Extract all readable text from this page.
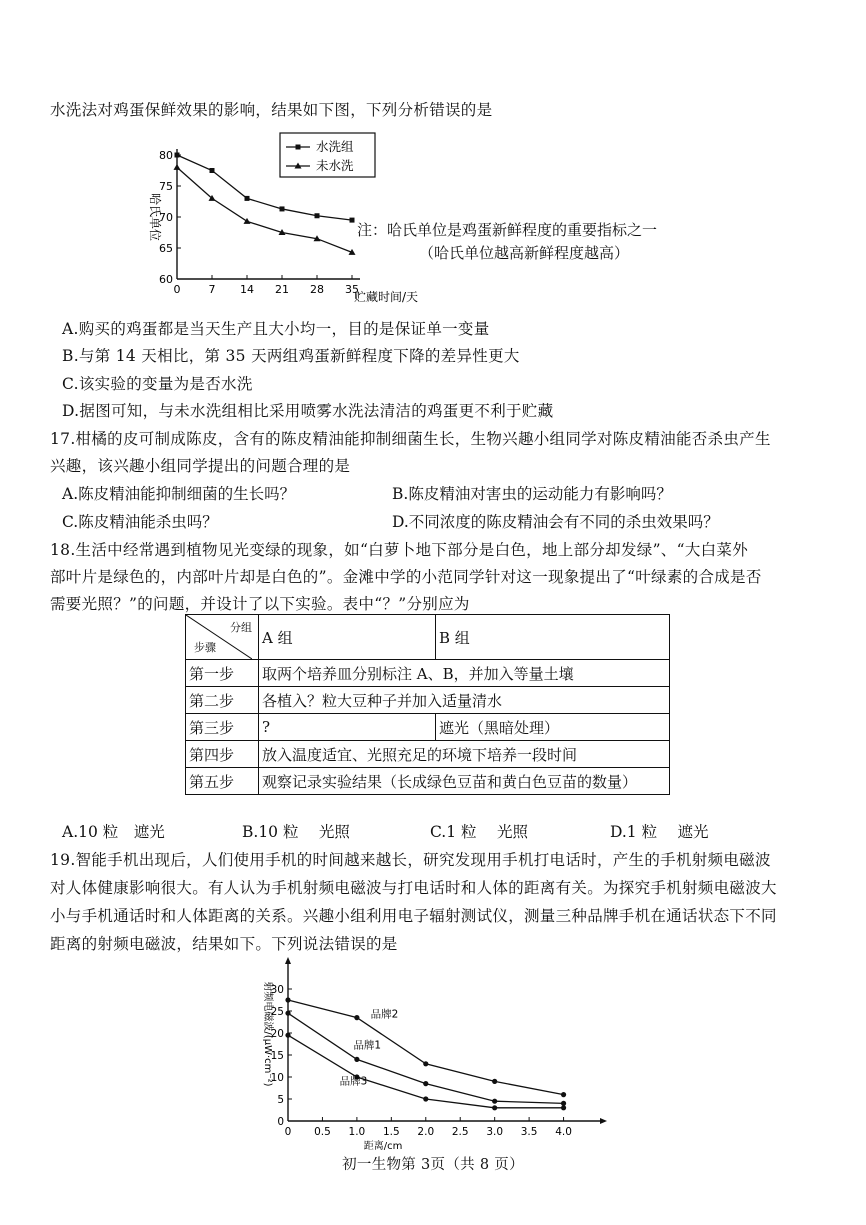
水洗法对鸡蛋保鲜效果的影响，结果如下图，下列分析错误的是
60
65
70
75
80
0	7 14 21 28 35
贮藏时间/天
哈氏单位
水洗组
未水洗
注：哈氏单位是鸡蛋新鲜程度的重要指标之一
（哈氏单位越高新鲜程度越高）
A.购买的鸡蛋都是当天生产且大小均一，目的是保证单一变量
B.与第 14 天相比，第 35 天两组鸡蛋新鲜程度下降的差异性更大
C.该实验的变量为是否水洗
D.据图可知，与未水洗组相比采用喷雾水洗法清洁的鸡蛋更不利于贮藏
17.柑橘的皮可制成陈皮，含有的陈皮精油能抑制细菌生长，生物兴趣小组同学对陈皮精油能否杀虫产生
兴趣，该兴趣小组同学提出的问题合理的是
A.陈皮精油能抑制细菌的生长吗？	B.陈皮精油对害虫的运动能力有影响吗？
C.陈皮精油能杀虫吗？	D.不同浓度的陈皮精油会有不同的杀虫效果吗？
18.生活中经常遇到植物见光变绿的现象，如“白萝卜地下部分是白色，地上部分却发绿”、“大白菜外
部叶片是绿色的，内部叶片却是白色的”。金滩中学的小范同学针对这一现象提出了“叶绿素的合成是否
需要光照？”的问题，并设计了以下实验。表中“？”分别应为
分组
步骤	A 组	B 组
第一步	取两个培养皿分别标注 A、B，并加入等量土壤	
第二步	各植入？粒大豆种子并加入适量清水	
第三步	?	遮光（黑暗处理）
第四步	放入温度适宜、光照充足的环境下培养一段时间	
第五步	观察记录实验结果（长成绿色豆苗和黄白色豆苗的数量）	
A.10 粒　遮光	B.10 粒　 光照	C.1 粒　 光照	D.1 粒　 遮光
19.智能手机出现后，人们使用手机的时间越来越长，研究发现用手机打电话时，产生的手机射频电磁波
对人体健康影响很大。有人认为手机射频电磁波与打电话时和人体的距离有关。为探究手机射频电磁波大
小与手机通话时和人体距离的关系。兴趣小组利用电子辐射测试仪，测量三种品牌手机在通话状态下不同
距离的射频电磁波，结果如下。下列说法错误的是
0
5
10
15
20
25
30
0 0.5 1.0 1.5 2.0 2.5 3.0 3.5 4.0
距离/cm
射频电磁波/(μW·cm⁻²)	品牌2
品牌1
品牌3
初一生物第 3页（共 8 页）
